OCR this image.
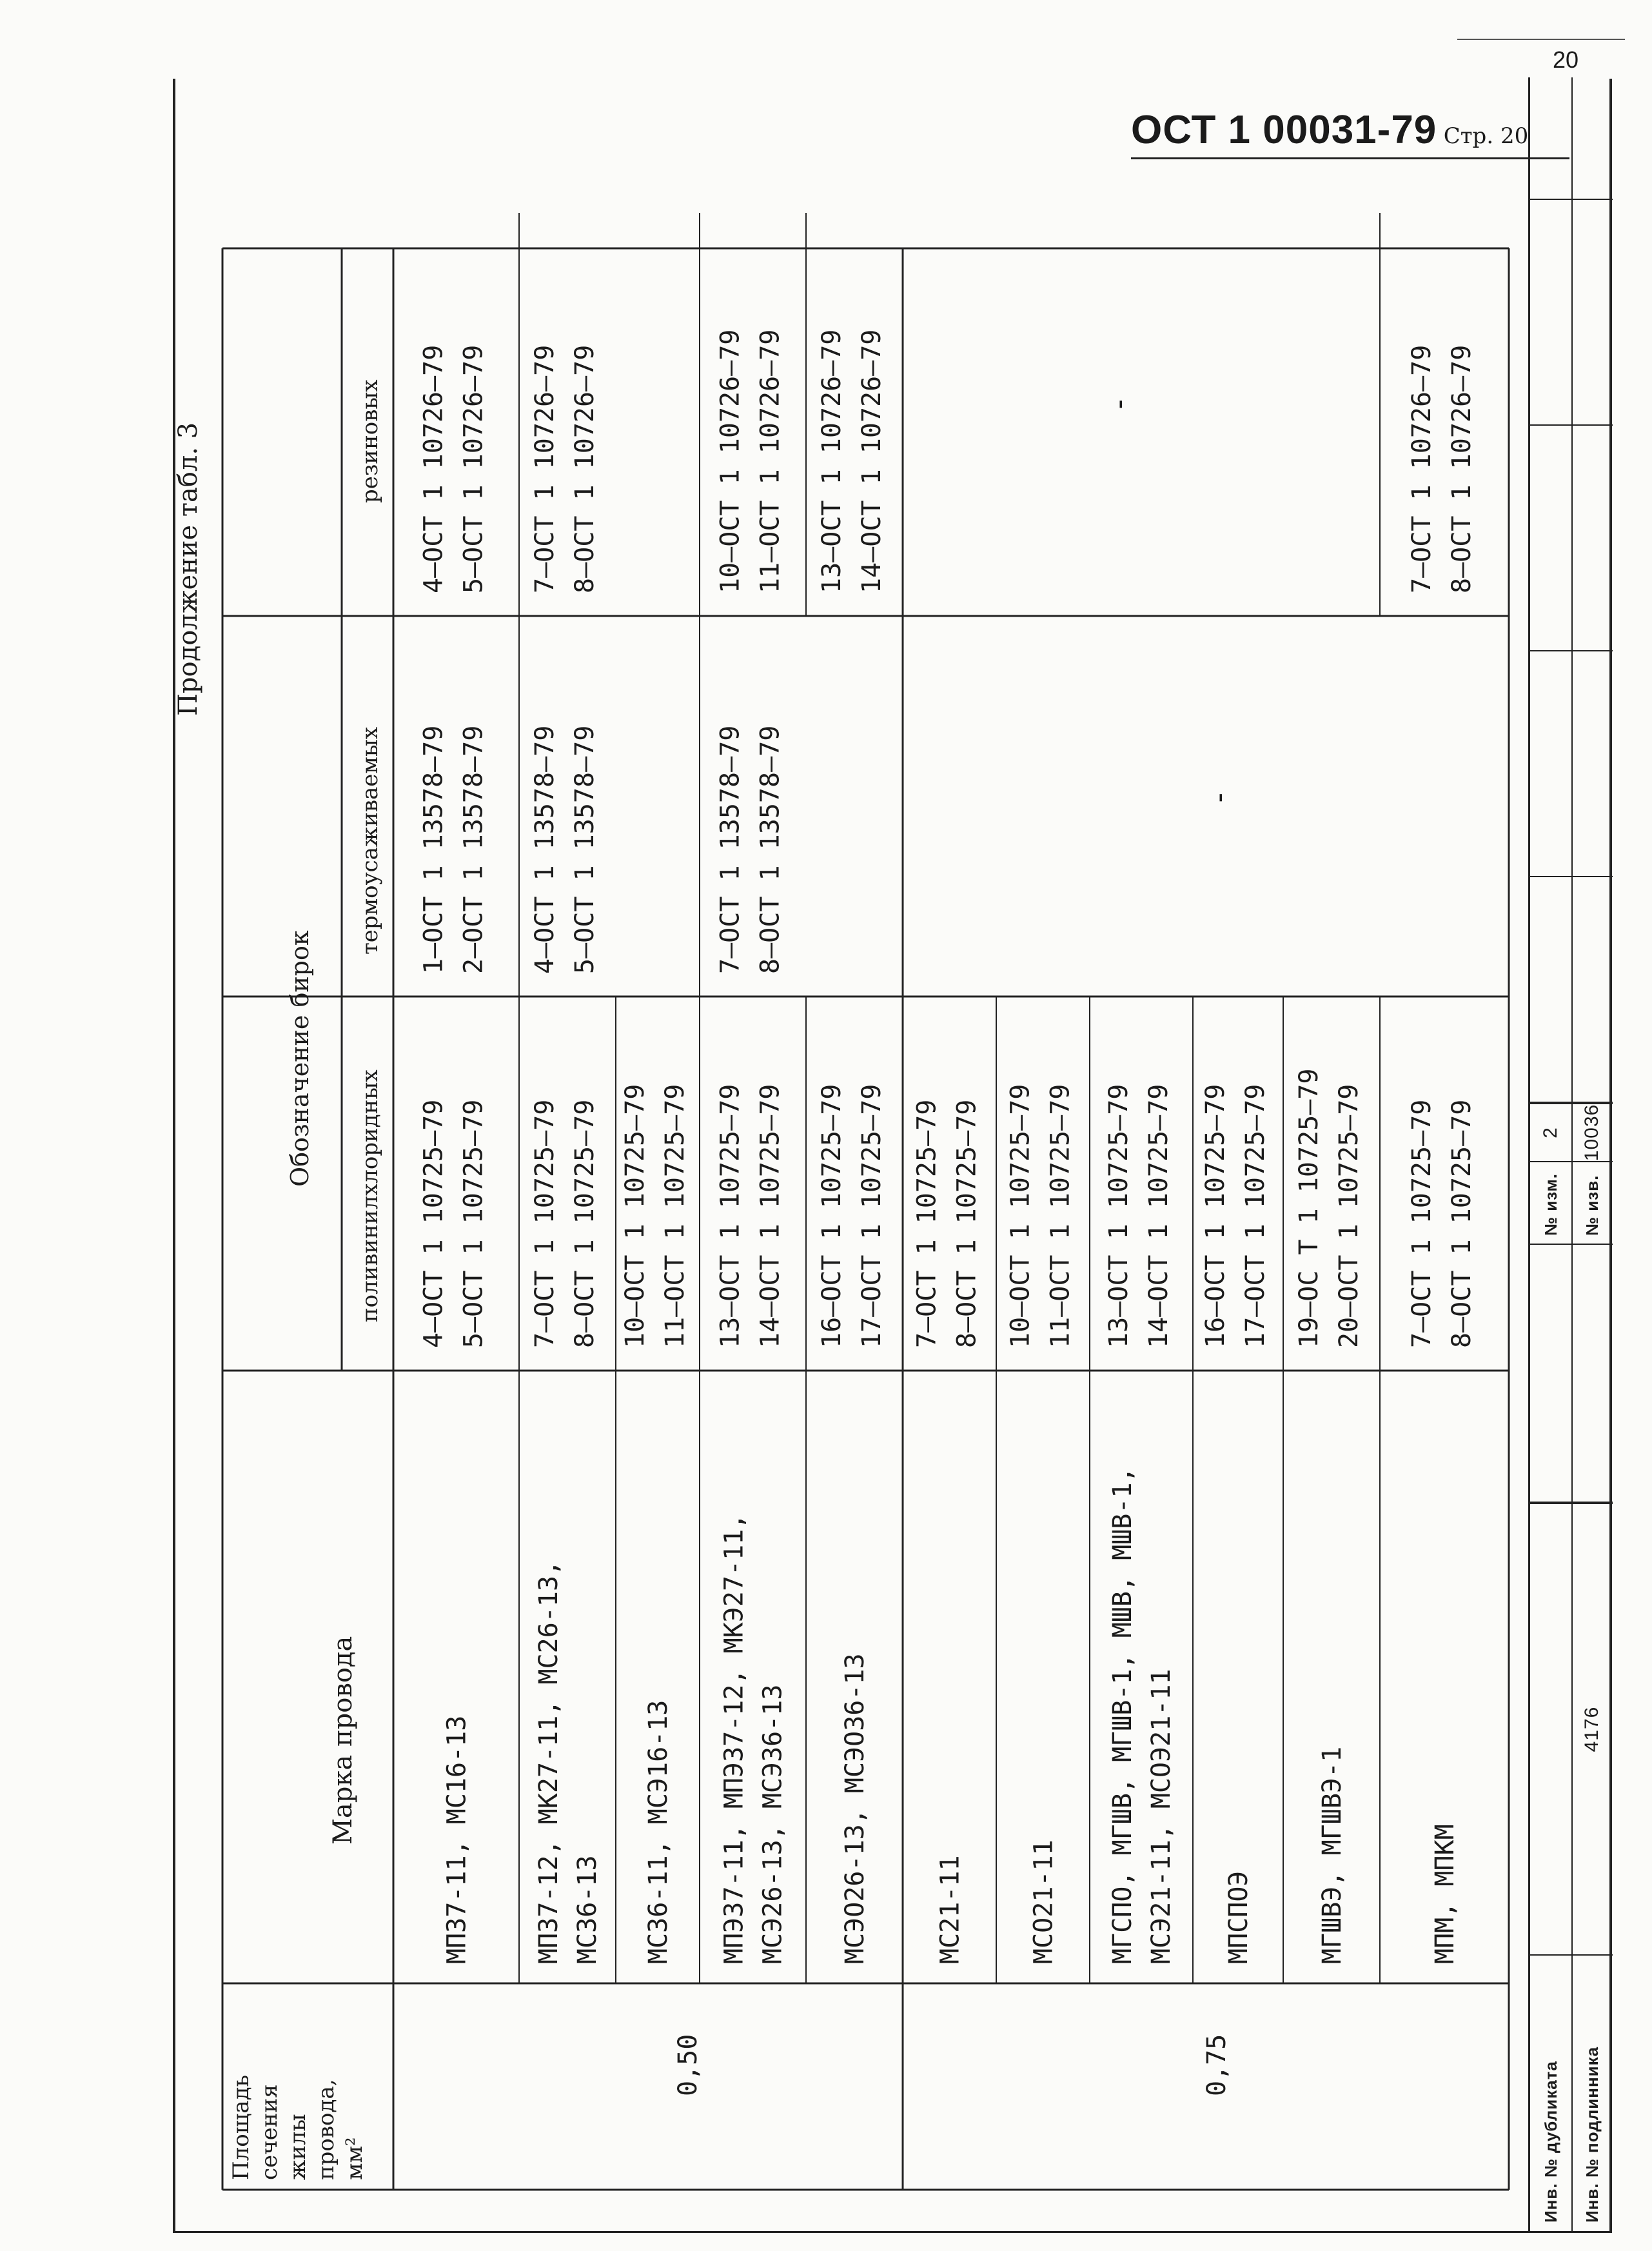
20
Инв. № дубликата
№ изм.
2
Инв. № подлинника
4176
№ изв.
10036
ОСТ 1 00031-79 Стр. 20
Площадь сечения жилы провода, мм²
Марка провода
Обозначение бирок
поливинилхлоридных
термоусаживаемых
резиновых
МП37-11, МС16-13
4–ОСТ 1 10725–79 5–ОСТ 1 10725–79
1–ОСТ 1 13578–79 2–ОСТ 1 13578–79
4–ОСТ 1 10726–79 5–ОСТ 1 10726–79
МП37-12, МК27-11, МС26-13, МС36-13
7–ОСТ 1 10725–79 8–ОСТ 1 10725–79
4–ОСТ 1 13578–79 5–ОСТ 1 13578–79
7–ОСТ 1 10726–79 8–ОСТ 1 10726–79
МС36-11, МСЭ16-13
10–ОСТ 1 10725–79 11–ОСТ 1 10725–79
МПЭ37-11, МПЭ37-12, МКЭ27-11, МСЭ26-13, МСЭ36-13
13–ОСТ 1 10725–79 14–ОСТ 1 10725–79
7–ОСТ 1 13578–79 8–ОСТ 1 13578–79
10–ОСТ 1 10726–79 11–ОСТ 1 10726–79
МСЭО26-13, МСЭО36-13
16–ОСТ 1 10725–79 17–ОСТ 1 10725–79
13–ОСТ 1 10726–79 14–ОСТ 1 10726–79
МС21-11
7–ОСТ 1 10725–79 8–ОСТ 1 10725–79
МСО21-11
10–ОСТ 1 10725–79 11–ОСТ 1 10725–79
МГСПО, МГШВ, МГШВ-1, МШВ, МШВ-1, МСЭ21-11, МСОЭ21-11
13–ОСТ 1 10725–79 14–ОСТ 1 10725–79
МПСПОЭ
16–ОСТ 1 10725–79 17–ОСТ 1 10725–79
МГШВЭ, МГШВЭ-1
19–ОС Т 1 10725–79 20–ОСТ 1 10725–79
МПМ, МПКМ
7–ОСТ 1 10725–79 8–ОСТ 1 10725–79
7–ОСТ 1 10726–79 8–ОСТ 1 10726–79
0,50	0,75
-
-
Продолжение табл. 3
